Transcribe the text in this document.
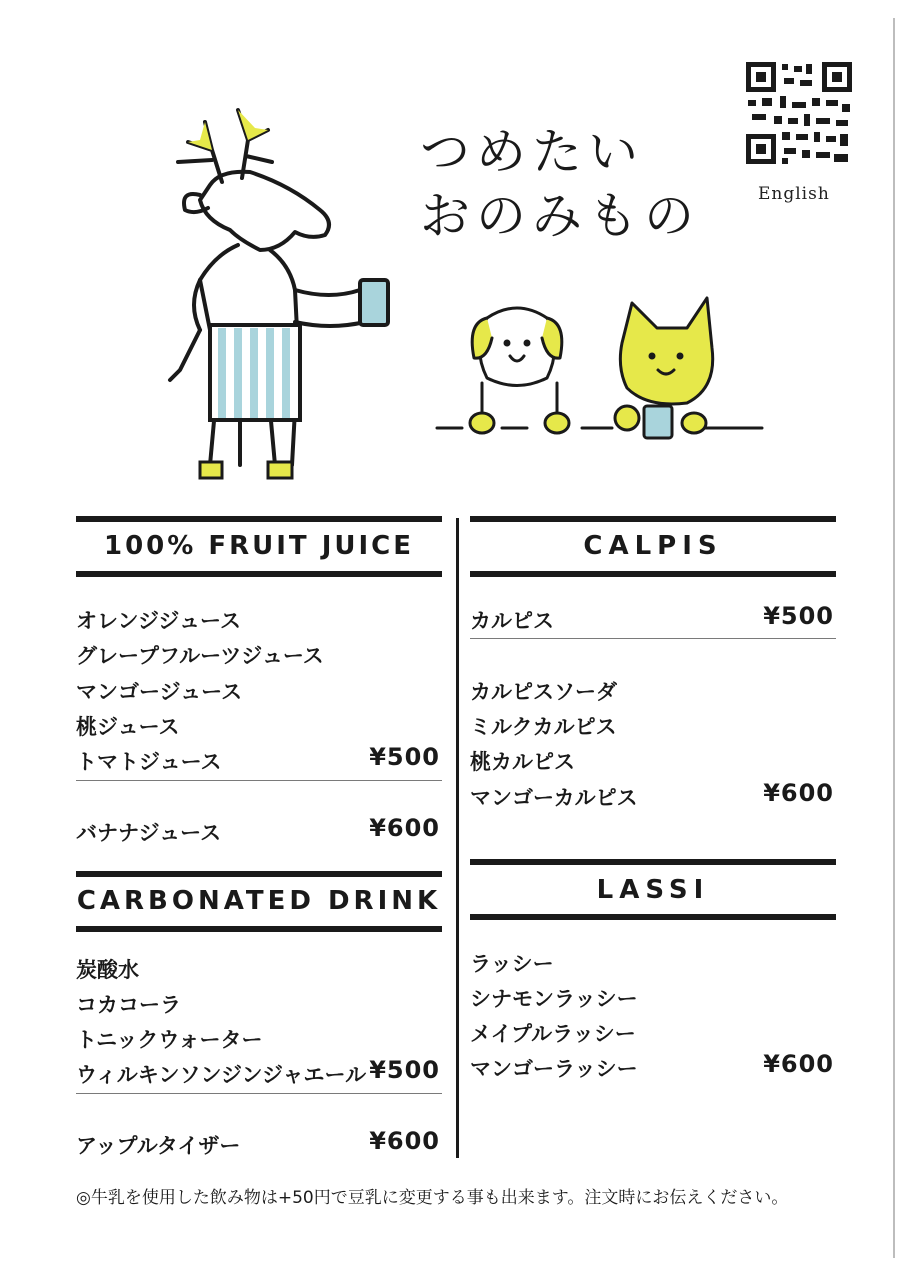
つめたい
おのみもの	English
100% FRUIT JUICE
オレンジジュース
グレープフルーツジュース
マンゴージュース
桃ジュース
トマトジュース	¥500
バナナジュース	¥600
CARBONATED DRINK
炭酸水
コカコーラ
トニックウォーター
ウィルキンソンジンジャエール ¥500
アップルタイザー	¥600
CALPIS
カルピス	¥500
カルピスソーダ
ミルクカルピス
桃カルピス
マンゴーカルピス	¥600
LASSI
ラッシー
シナモンラッシー
メイプルラッシー
マンゴーラッシー	¥600
◎牛乳を使用した飲み物は+50円で豆乳に変更する事も出来ます。注文時にお伝えください。
